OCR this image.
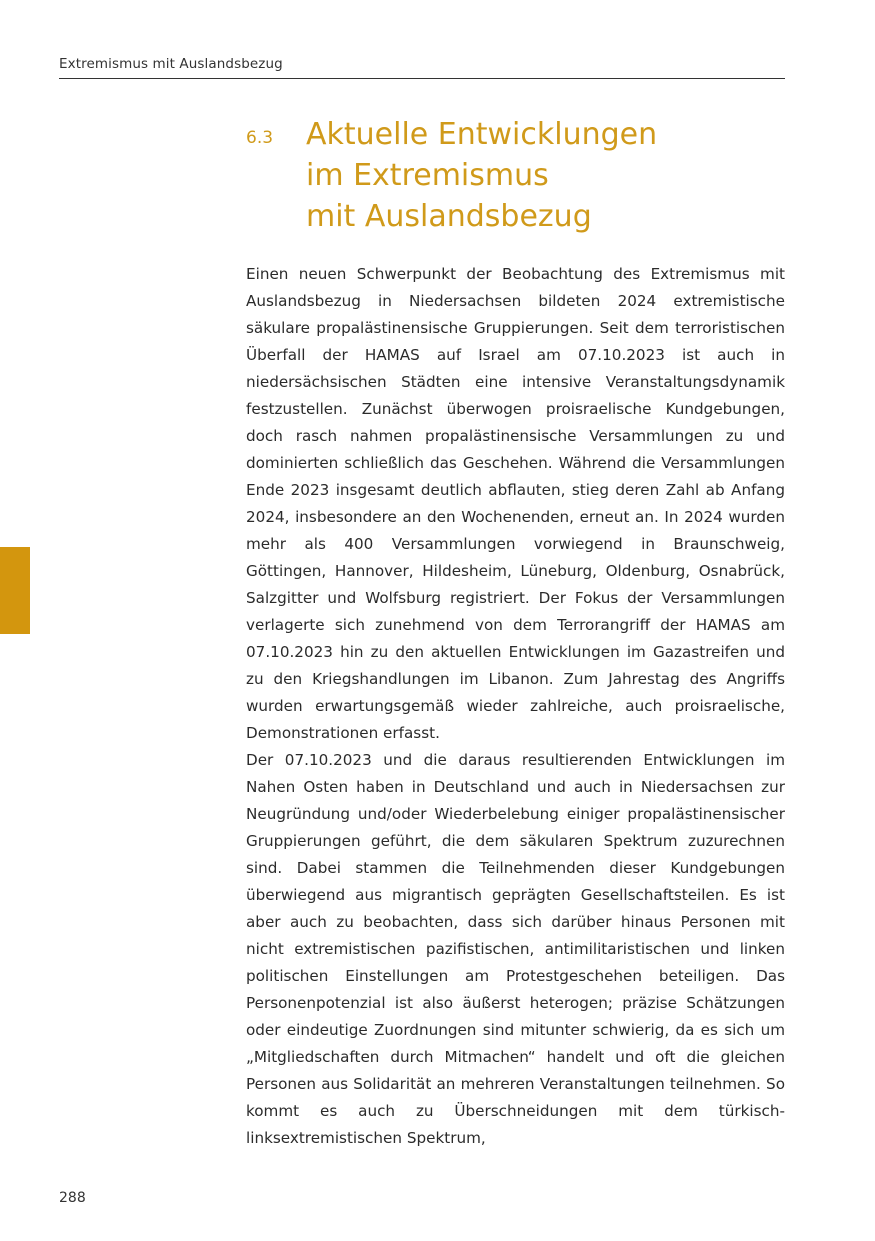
Extremismus mit Auslandsbezug
6.3 Aktuelle Entwicklungen
im Extremismus
mit Auslandsbezug

Einen neuen Schwerpunkt der Beobachtung des Extremismus mit Auslandsbezug in Niedersachsen bildeten 2024 extremistische säkulare propalästinensische Gruppierungen. Seit dem terroristischen Überfall der HAMAS auf Israel am 07.10.2023 ist auch in niedersächsischen Städten eine intensive Veranstaltungsdynamik festzustellen. Zunächst überwogen proisraelische Kundgebungen, doch rasch nahmen propalästinensische Versammlungen zu und dominierten schließlich das Geschehen. Während die Versammlungen Ende 2023 insgesamt deutlich abflauten, stieg deren Zahl ab Anfang 2024, insbesondere an den Wochenenden, erneut an. In 2024 wurden mehr als 400 Versammlungen vorwiegend in Braunschweig, Göttingen, Hannover, Hildesheim, Lüneburg, Oldenburg, Osnabrück, Salzgitter und Wolfsburg registriert. Der Fokus der Versammlungen verlagerte sich zunehmend von dem Terrorangriff der HAMAS am 07.10.2023 hin zu den aktuellen Entwicklungen im Gazastreifen und zu den Kriegshandlungen im Libanon. Zum Jahrestag des Angriffs wurden erwartungsgemäß wieder zahlreiche, auch proisraelische, Demonstrationen erfasst.

Der 07.10.2023 und die daraus resultierenden Entwicklungen im Nahen Osten haben in Deutschland und auch in Niedersachsen zur Neugründung und/oder Wiederbelebung einiger propalästinensischer Gruppierungen geführt, die dem säkularen Spektrum zuzurechnen sind. Dabei stammen die Teilnehmenden dieser Kundgebungen überwiegend aus migrantisch geprägten Gesellschaftsteilen. Es ist aber auch zu beobachten, dass sich darüber hinaus Personen mit nicht extremistischen pazifistischen, antimilitaristischen und linken politischen Einstellungen am Protestgeschehen beteiligen. Das Personenpotenzial ist also äußerst heterogen; präzise Schätzungen oder eindeutige Zuordnungen sind mitunter schwierig, da es sich um „Mitgliedschaften durch Mitmachen“ handelt und oft die gleichen Personen aus Solidarität an mehreren Veranstaltungen teilnehmen. So kommt es auch zu Überschneidungen mit dem türkisch-linksextremistischen Spektrum,

288
